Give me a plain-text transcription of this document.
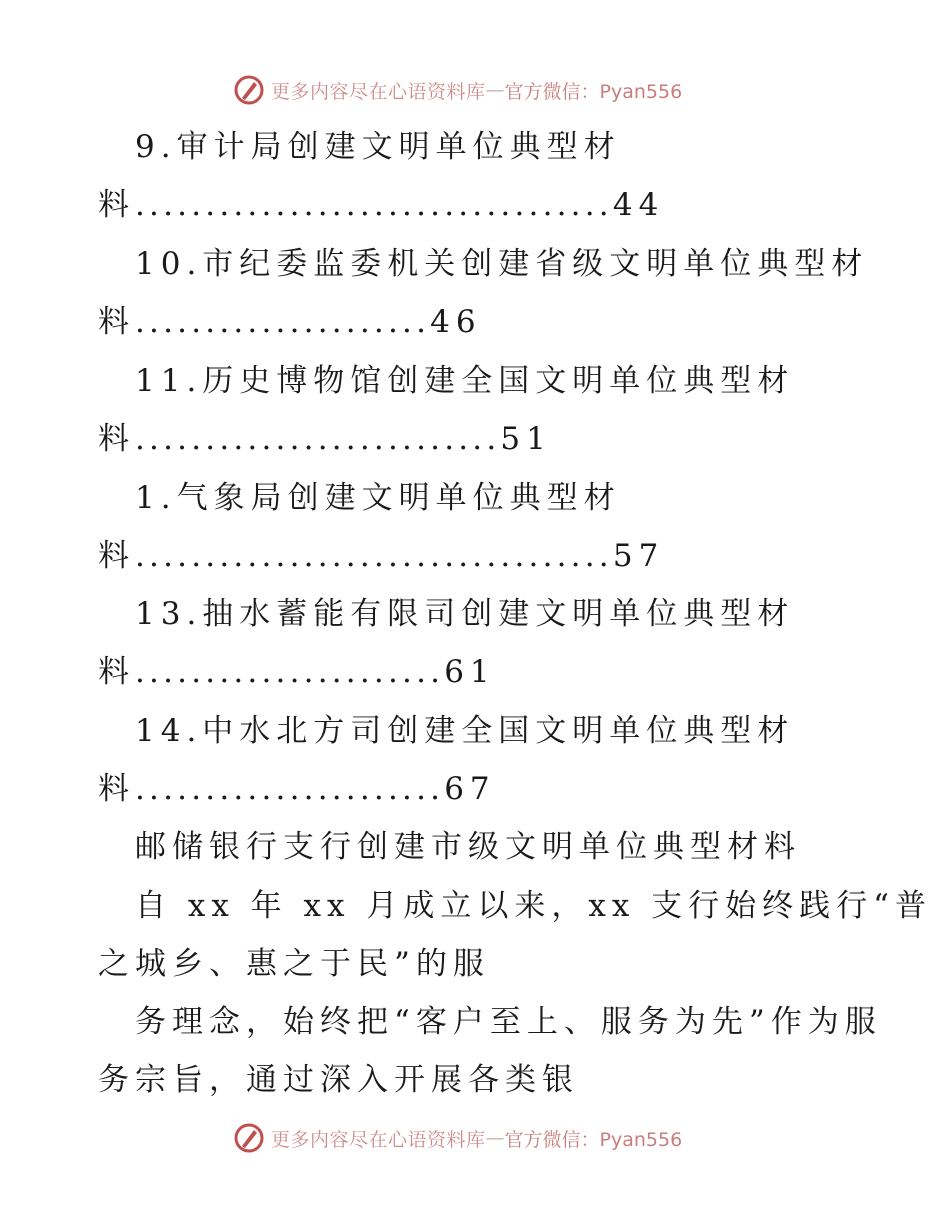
更多内容尽在心语资料库 — 官方微信：Pyan556
9.审计局创建文明单位典型材
料..................................44
10.市纪委监委机关创建省级文明单位典型材
料.....................46
11.历史博物馆创建全国文明单位典型材
料..........................51
1.气象局创建文明单位典型材
料..................................57
13.抽水蓄能有限司创建文明单位典型材
料......................61
14.中水北方司创建全国文明单位典型材
料......................67
邮储银行支行创建市级文明单位典型材料
自 xx 年 xx 月成立以来，xx 支行始终践行“普
之城乡、惠之于民”的服
务理念，始终把“客户至上、服务为先”作为服
务宗旨，通过深入开展各类银
更多内容尽在心语资料库 — 官方微信：Pyan556
